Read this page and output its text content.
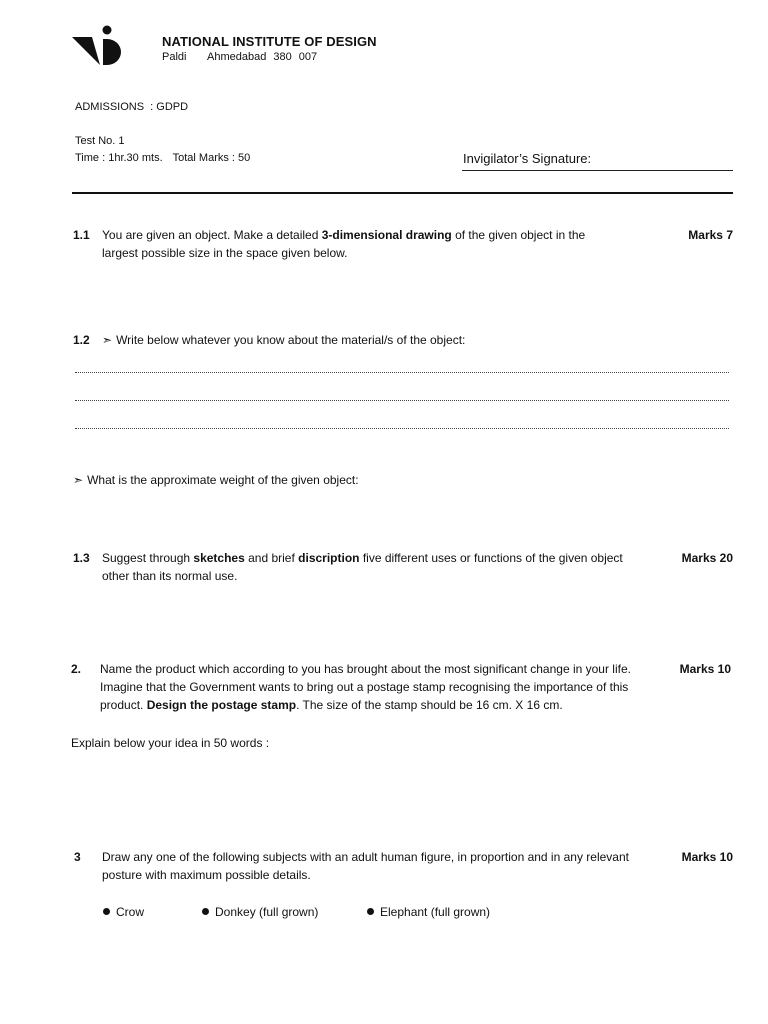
NATIONAL INSTITUTE OF DESIGN
Paldi   Ahmedabad 380 007
ADMISSIONS  : GDPD
Test No. 1
Time : 1hr.30 mts. Total Marks : 50	Invigilator’s Signature:
1.1 You are given an object. Make a detailed 3-dimensional drawing of the given object in the
largest possible size in the space given below.
Marks 7
1.2 ➣ Write below whatever you know about the material/s of the object:
➣ What is the approximate weight of the given object:
1.3 Suggest through sketches and brief discription five different uses or functions of the given object
other than its normal use.
Marks 20
2. Name the product which according to you has brought about the most significant change in your life.
Imagine that the Government wants to bring out a postage stamp recognising the importance of this
product. Design the postage stamp. The size of the stamp should be 16 cm. X 16 cm.
Marks 10
Explain below your idea in 50 words :
3 Draw any one of the following subjects with an adult human figure, in proportion and in any relevant
posture with maximum possible details.
Marks 10
Crow	Donkey (full grown)	Elephant (full grown)
